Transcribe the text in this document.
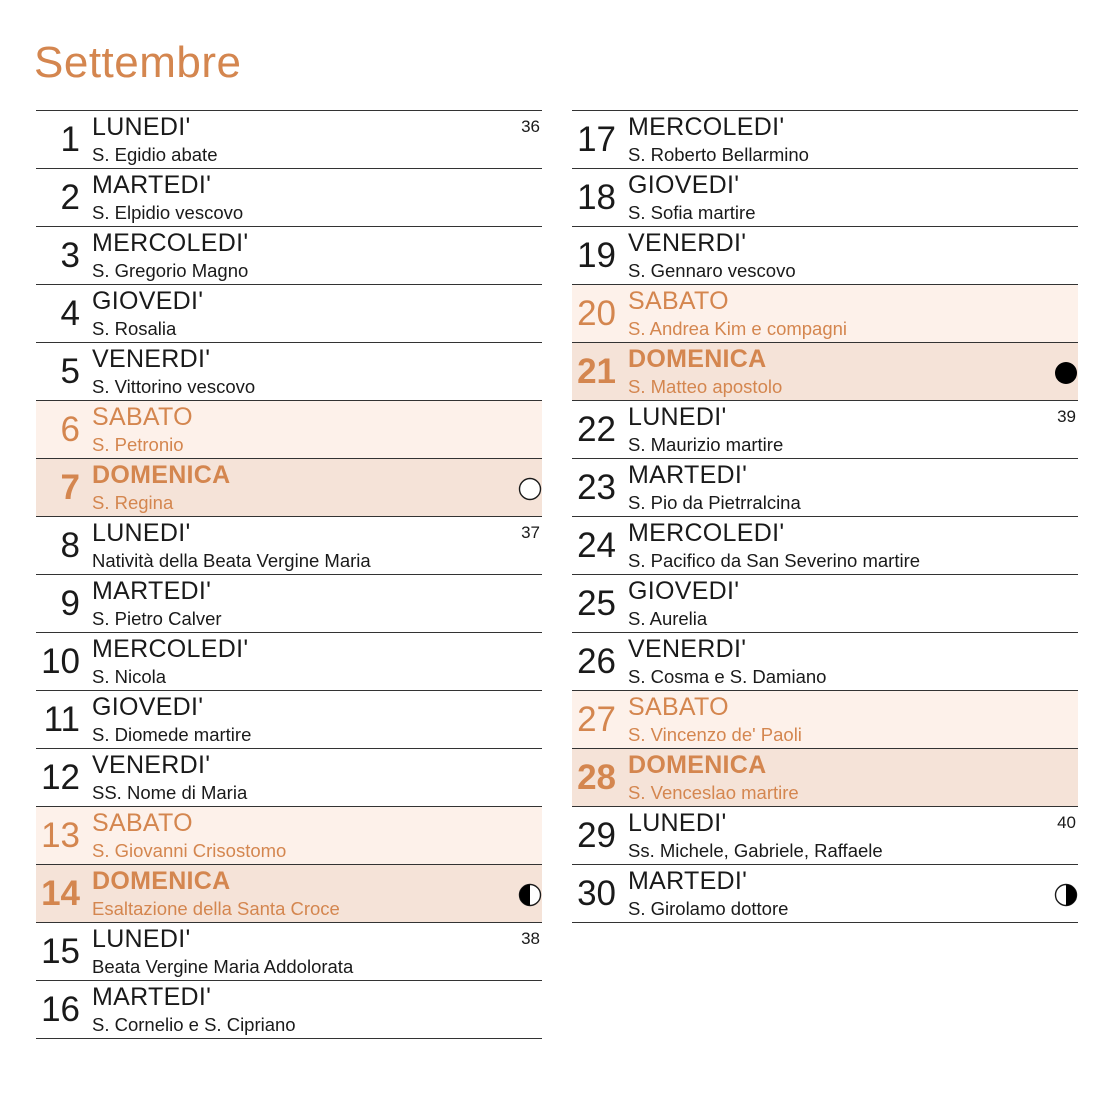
Settembre
1 LUNEDI'
S. Egidio abate
36
2 MARTEDI'
S. Elpidio vescovo
3 MERCOLEDI'
S. Gregorio Magno
4 GIOVEDI'
S. Rosalia
5 VENERDI'
S. Vittorino vescovo
6 SABATO
S. Petronio
7 DOMENICA
S. Regina
8 LUNEDI'
Natività della Beata Vergine Maria
37
9 MARTEDI'
S. Pietro Calver
10 MERCOLEDI'
S. Nicola
11 GIOVEDI'
S. Diomede martire
12 VENERDI'
SS. Nome di Maria
13 SABATO
S. Giovanni Crisostomo
14 DOMENICA
Esaltazione della Santa Croce
15 LUNEDI'
Beata Vergine Maria Addolorata
38
16 MARTEDI'
S. Cornelio e S. Cipriano
17 MERCOLEDI'
S. Roberto Bellarmino
18 GIOVEDI'
S. Sofia martire
19 VENERDI'
S. Gennaro vescovo
20 SABATO
S. Andrea Kim e compagni
21 DOMENICA
S. Matteo apostolo
22 LUNEDI'
S. Maurizio martire
39
23 MARTEDI'
S. Pio da Pietrralcina
24 MERCOLEDI'
S. Pacifico da San Severino martire
25 GIOVEDI'
S. Aurelia
26 VENERDI'
S. Cosma e S. Damiano
27 SABATO
S. Vincenzo de' Paoli
28 DOMENICA
S. Venceslao martire
29 LUNEDI'
Ss. Michele, Gabriele, Raffaele
40
30 MARTEDI'
S. Girolamo dottore
